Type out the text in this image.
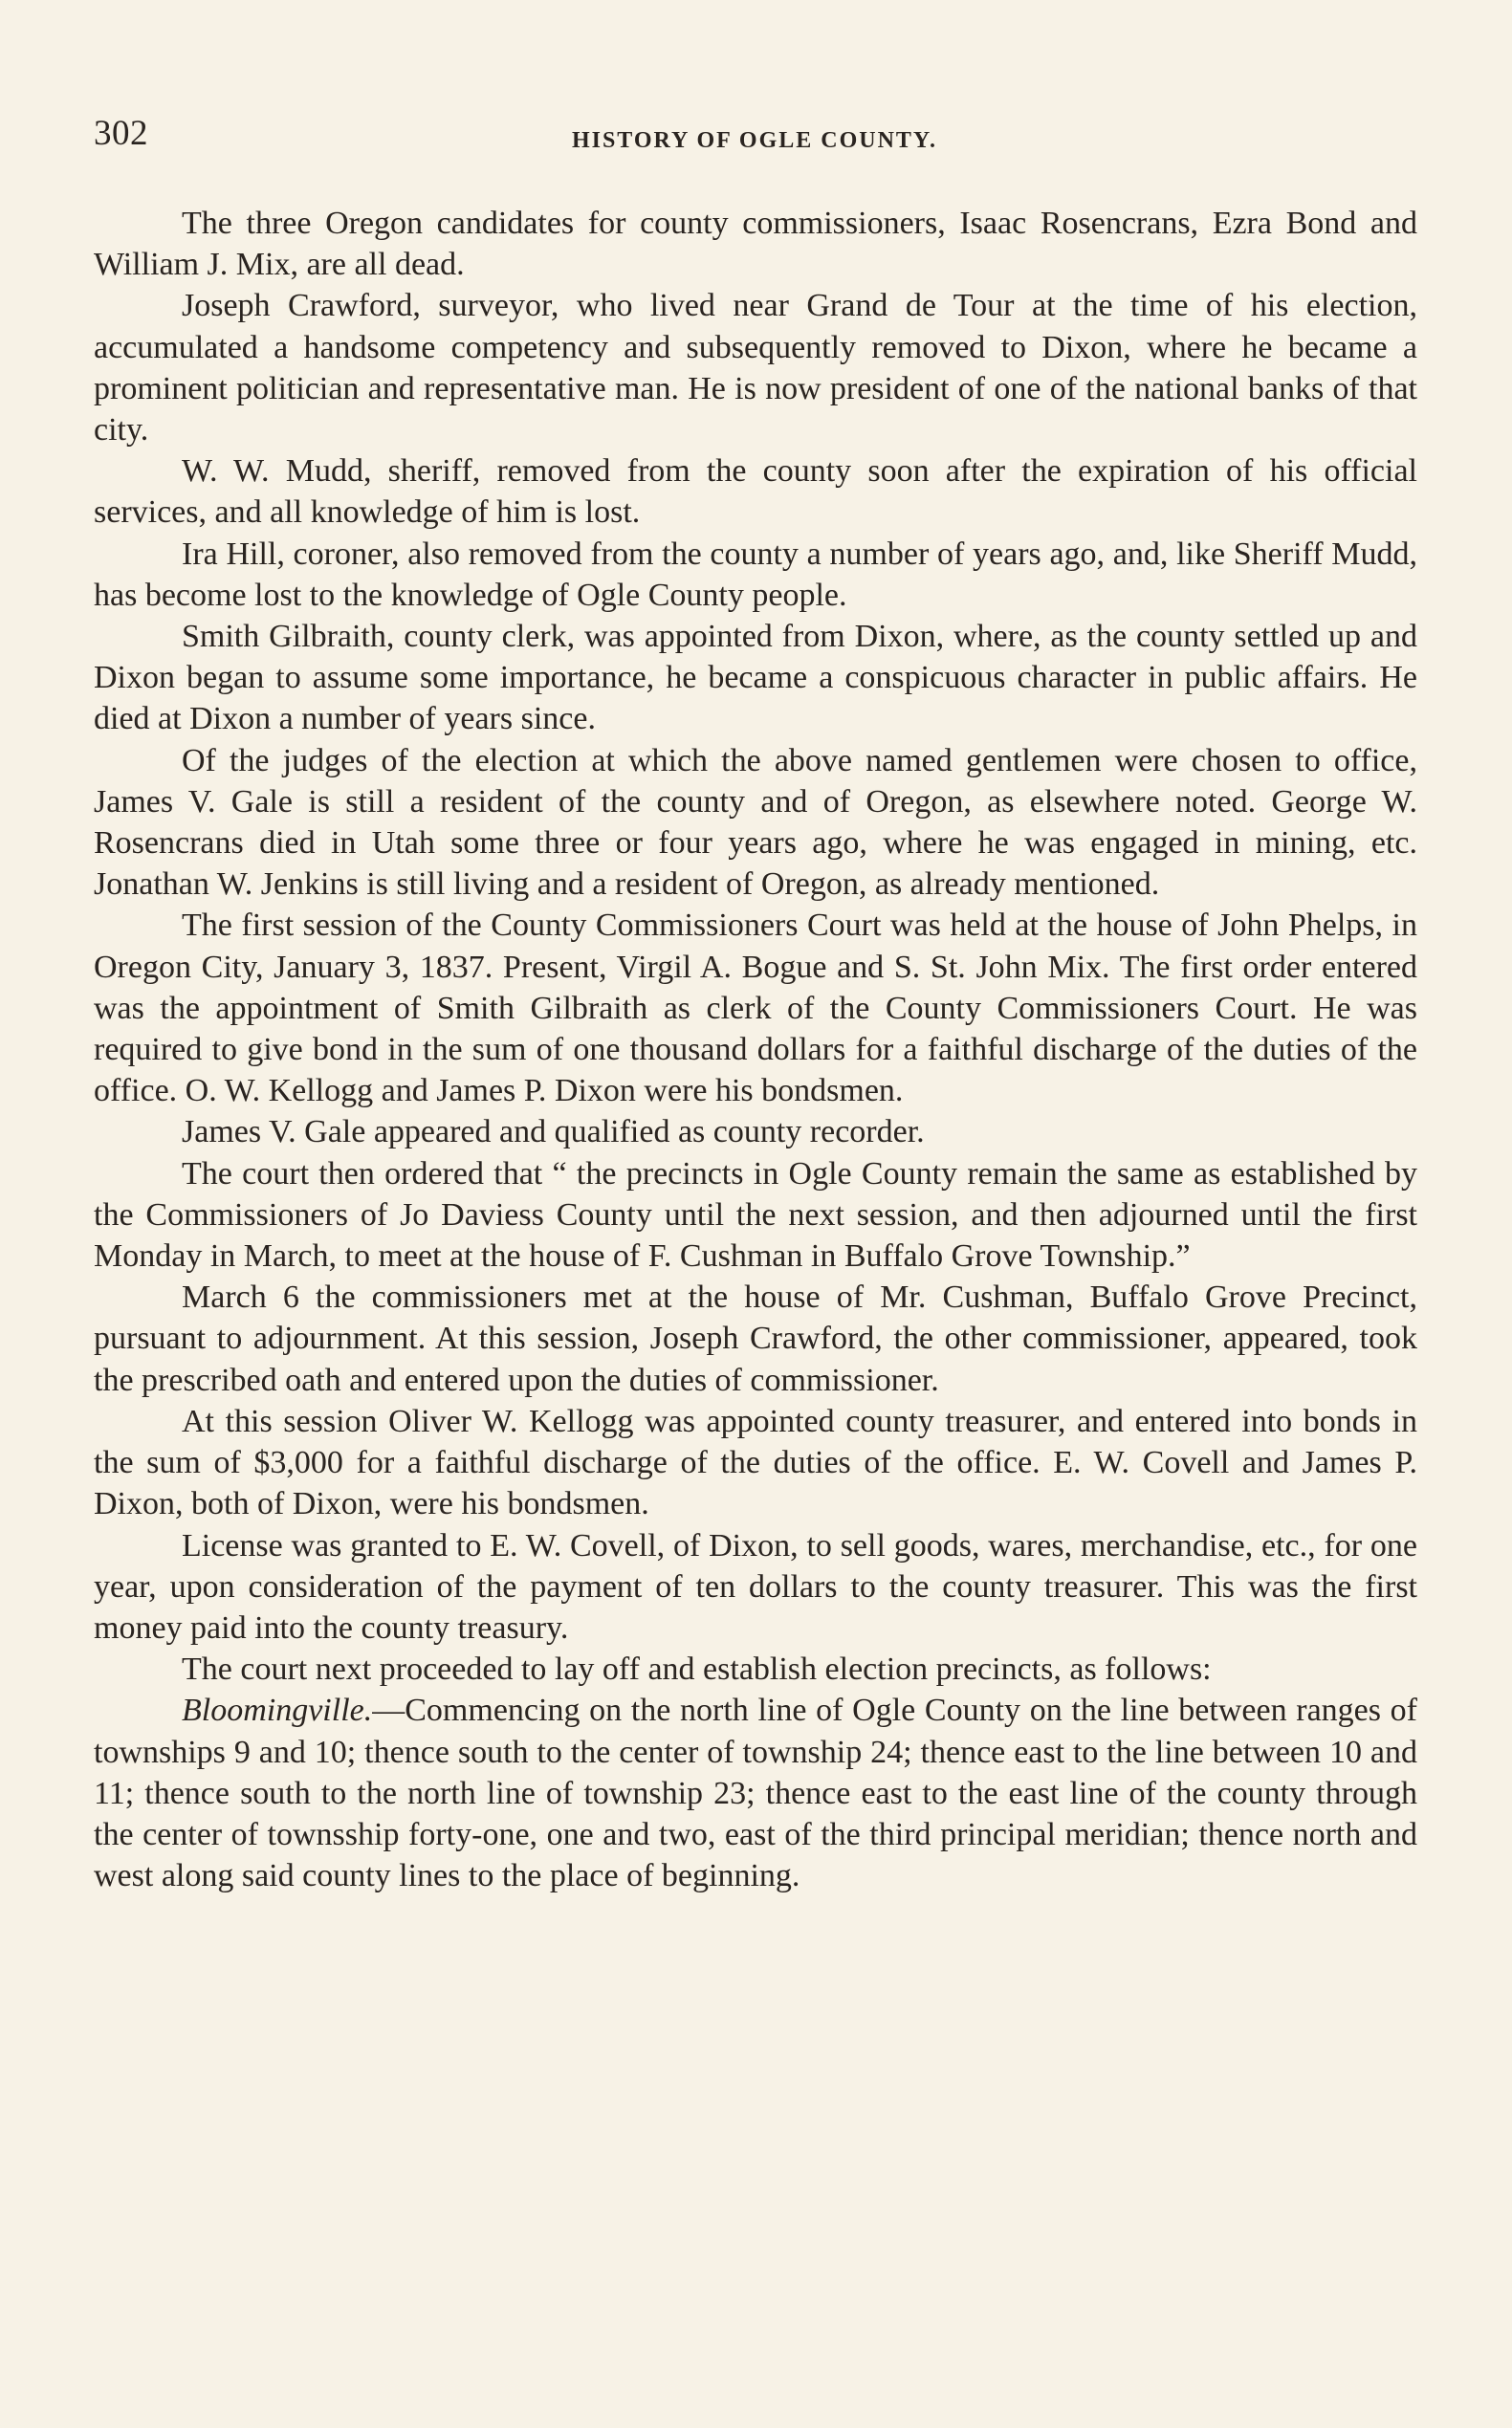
302	HISTORY OF OGLE COUNTY.

The three Oregon candidates for county commissioners, Isaac Rosencrans, Ezra Bond and William J. Mix, are all dead.

Joseph Crawford, surveyor, who lived near Grand de Tour at the time of his election, accumulated a handsome competency and subsequently removed to Dixon, where he became a prominent politician and representative man. He is now president of one of the national banks of that city.

W. W. Mudd, sheriff, removed from the county soon after the expiration of his official services, and all knowledge of him is lost.

Ira Hill, coroner, also removed from the county a number of years ago, and, like Sheriff Mudd, has become lost to the knowledge of Ogle County people.

Smith Gilbraith, county clerk, was appointed from Dixon, where, as the county settled up and Dixon began to assume some importance, he became a conspicuous character in public affairs. He died at Dixon a number of years since.

Of the judges of the election at which the above named gentlemen were chosen to office, James V. Gale is still a resident of the county and of Oregon, as elsewhere noted. George W. Rosencrans died in Utah some three or four years ago, where he was engaged in mining, etc. Jonathan W. Jenkins is still living and a resident of Oregon, as already mentioned.

The first session of the County Commissioners Court was held at the house of John Phelps, in Oregon City, January 3, 1837. Present, Virgil A. Bogue and S. St. John Mix. The first order entered was the appointment of Smith Gilbraith as clerk of the County Commissioners Court. He was required to give bond in the sum of one thousand dollars for a faithful discharge of the duties of the office. O. W. Kellogg and James P. Dixon were his bondsmen.

James V. Gale appeared and qualified as county recorder.

The court then ordered that “ the precincts in Ogle County remain the same as established by the Commissioners of Jo Daviess County until the next session, and then adjourned until the first Monday in March, to meet at the house of F. Cushman in Buffalo Grove Township.”

March 6 the commissioners met at the house of Mr. Cushman, Buffalo Grove Precinct, pursuant to adjournment. At this session, Joseph Crawford, the other commissioner, appeared, took the prescribed oath and entered upon the duties of commissioner.

At this session Oliver W. Kellogg was appointed county treasurer, and entered into bonds in the sum of $3,000 for a faithful discharge of the duties of the office. E. W. Covell and James P. Dixon, both of Dixon, were his bondsmen.

License was granted to E. W. Covell, of Dixon, to sell goods, wares, merchandise, etc., for one year, upon consideration of the payment of ten dollars to the county treasurer. This was the first money paid into the county treasury.

The court next proceeded to lay off and establish election precincts, as follows:

Bloomingville.—Commencing on the north line of Ogle County on the line between ranges of townships 9 and 10; thence south to the center of township 24; thence east to the line between 10 and 11; thence south to the north line of township 23; thence east to the east line of the county through the center of townsship forty-one, one and two, east of the third principal meridian; thence north and west along said county lines to the place of beginning.
